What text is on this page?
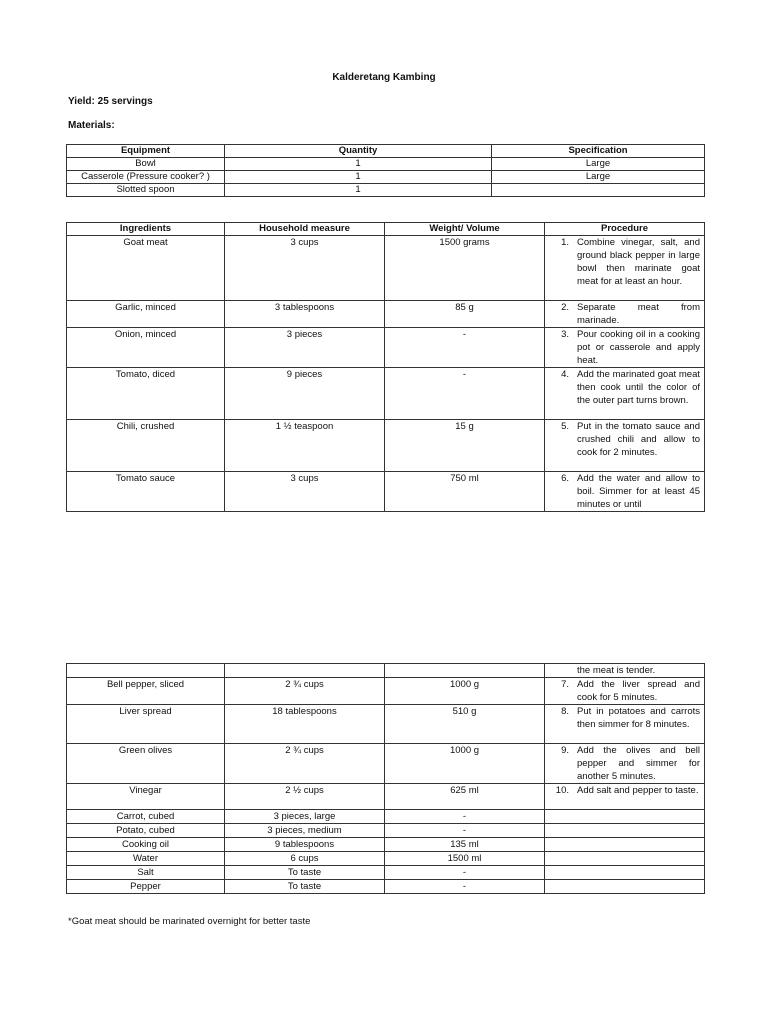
Kalderetang Kambing
Yield: 25 servings
Materials:
Equipment	Quantity	Specification
Bowl	1	Large
Casserole (Pressure cooker? )	1	Large
Slotted spoon	1	
Ingredients	Household measure	Weight/ Volume	Procedure
Goat meat	3 cups	1500 grams	1. Combine vinegar, salt, and ground black pepper in large bowl then marinate goat meat for at least an hour.

Garlic, minced	3 tablespoons	85 g	2. Separate meat from marinade.

Onion, minced	3 pieces	-	3. Pour cooking oil in a cooking pot or casserole and apply heat.

Tomato, diced	9 pieces	-	4. Add the marinated goat meat then cook until the color of the outer part turns brown.

Chili, crushed	1 ½ teaspoon	15 g	5. Put in the tomato sauce and crushed chili and allow to cook for 2 minutes.

Tomato sauce	3 cups	750 ml	6. Add the water and allow to boil. Simmer for at least 45 minutes or until

			the meat is tender.

Bell pepper, sliced	2 ¾ cups	1000 g	7. Add the liver spread and cook for 5 minutes.

Liver spread	18 tablespoons	510 g	8. Put in potatoes and carrots then simmer for 8 minutes.

Green olives	2 ¾ cups	1000 g	9. Add the olives and bell pepper and simmer for another 5 minutes.

Vinegar	2 ½ cups	625 ml	10. Add salt and pepper to taste.

Carrot, cubed	3 pieces, large	-	
Potato, cubed	3 pieces, medium	-	
Cooking oil	9 tablespoons	135 ml	
Water	6 cups	1500 ml	
Salt	To taste	-	
Pepper	To taste	-	
*Goat meat should be marinated overnight for better taste
